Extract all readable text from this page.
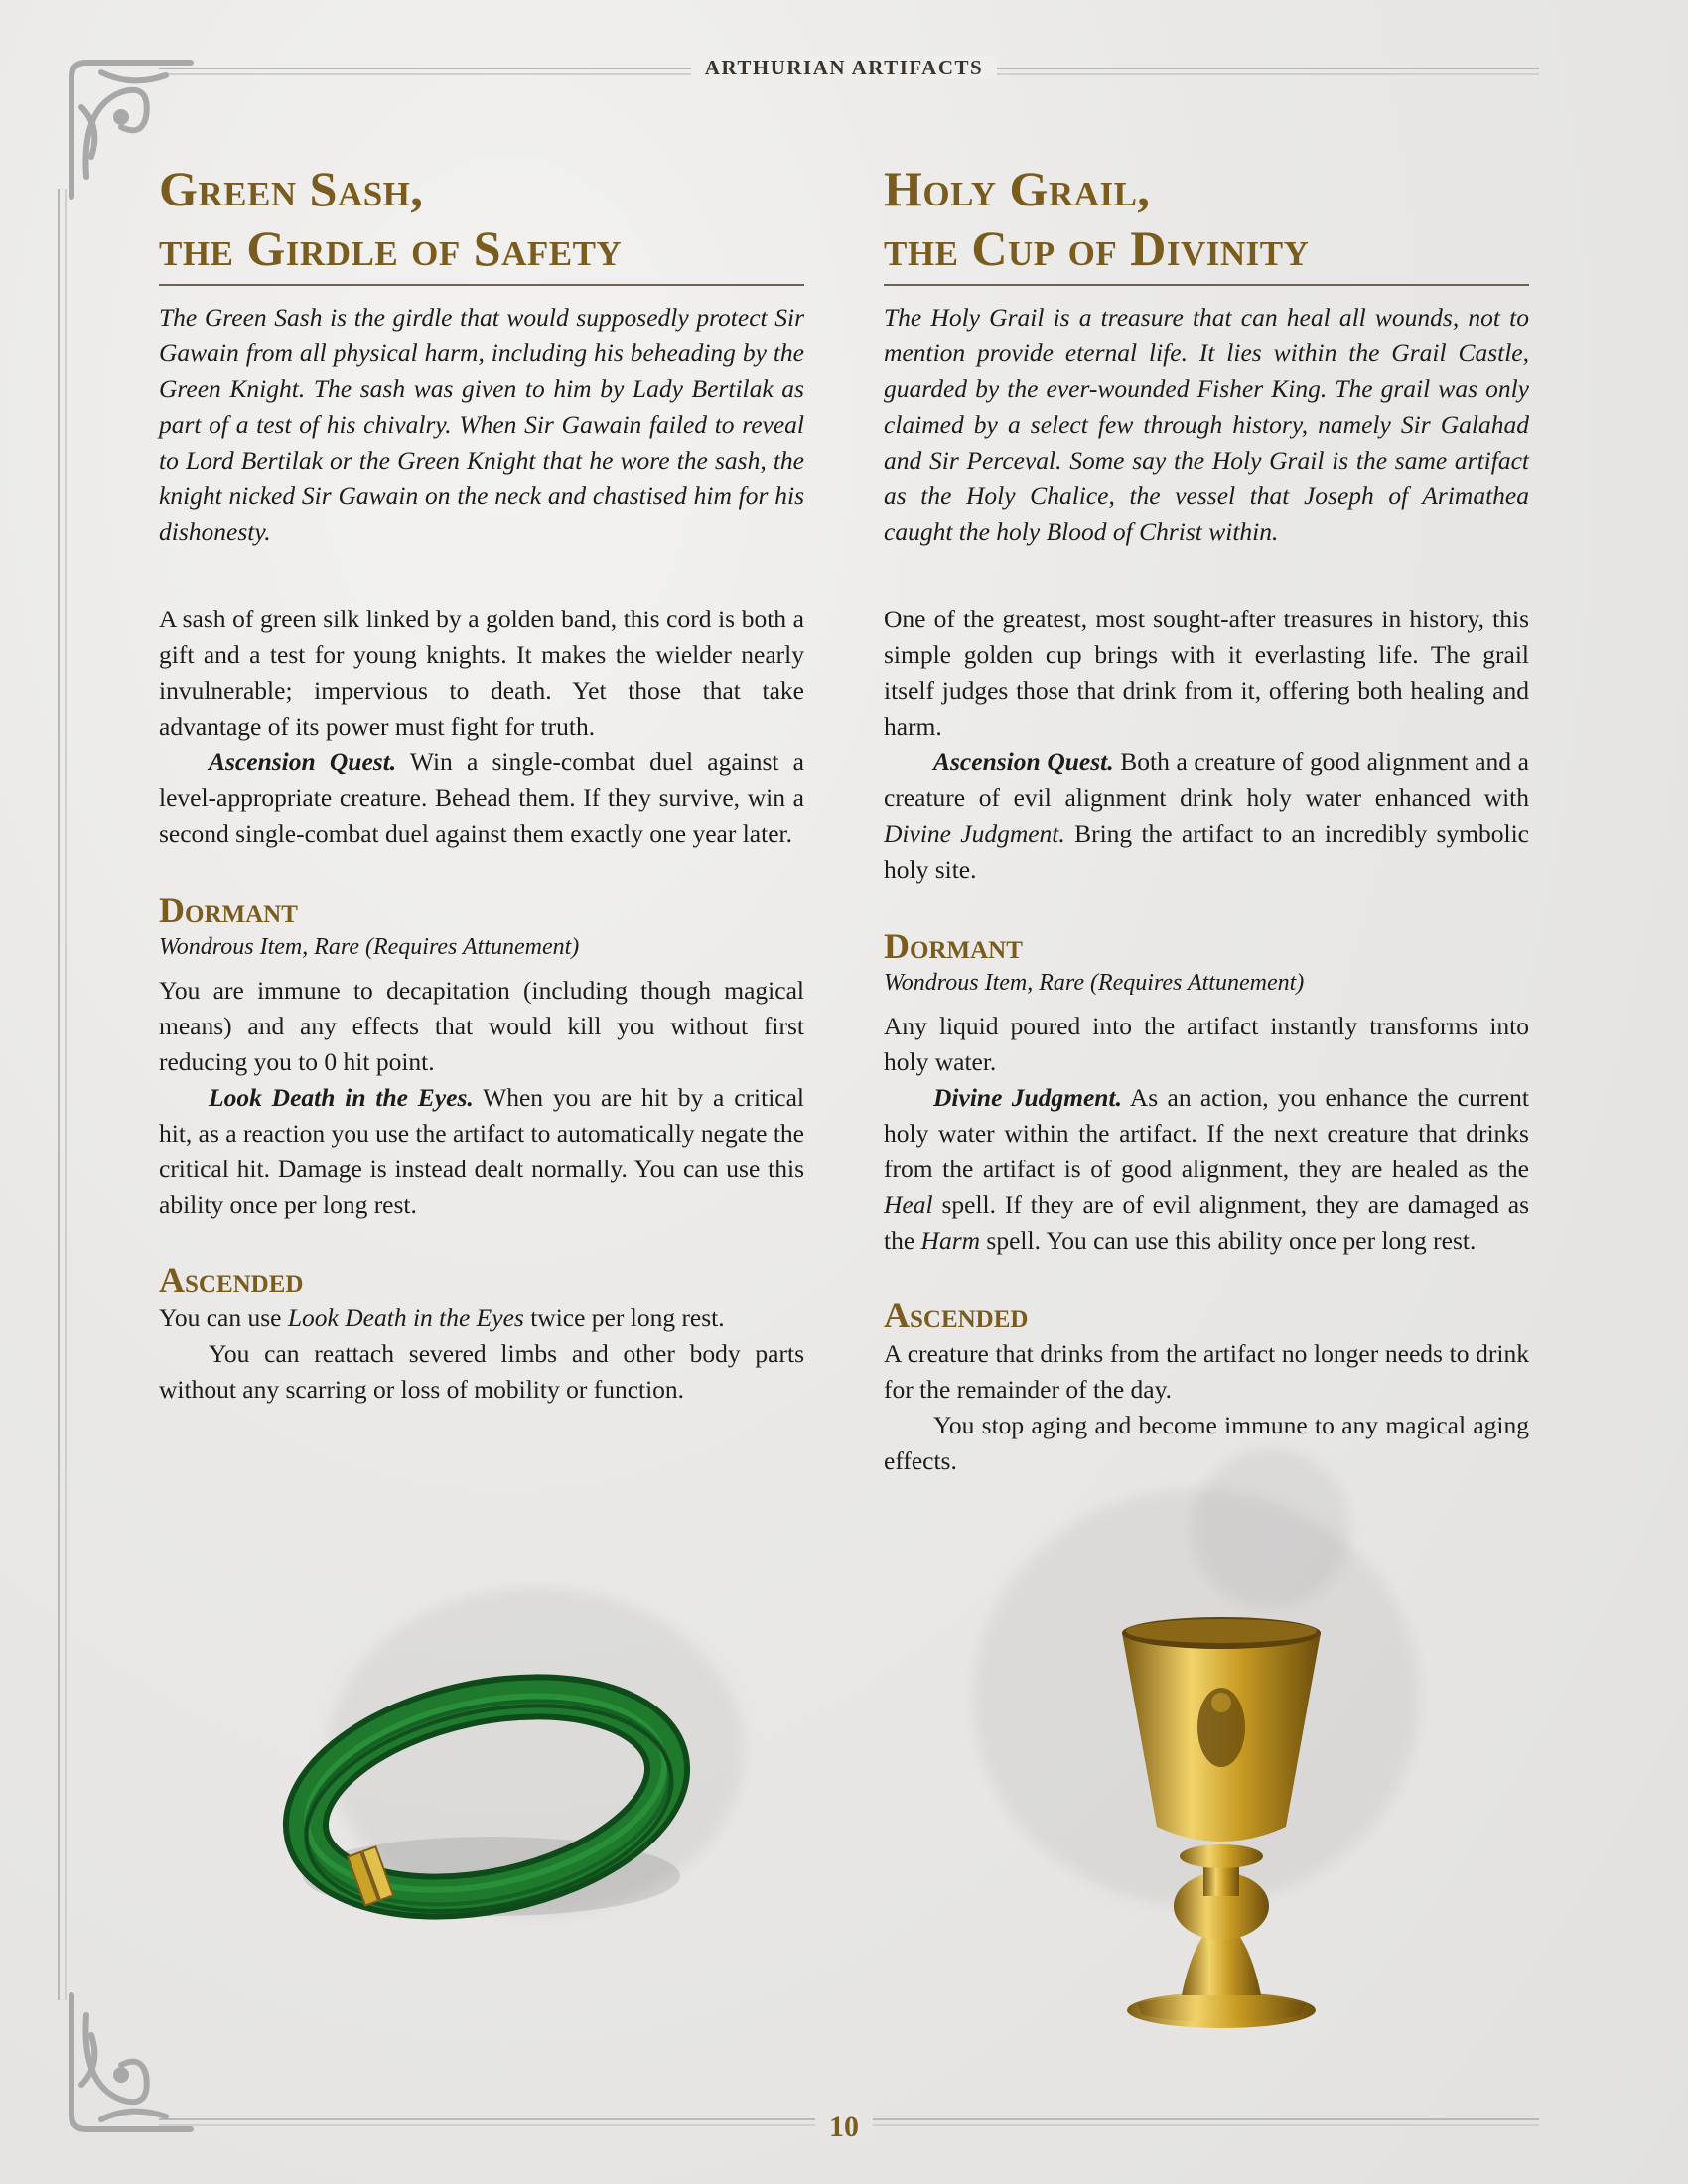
ARTHURIAN ARTIFACTS
10
Green Sash,
the Girdle of Safety

The Green Sash is the girdle that would supposedly protect Sir Gawain from all physical harm, including his beheading by the Green Knight. The sash was given to him by Lady Bertilak as part of a test of his chivalry. When Sir Gawain failed to reveal to Lord Bertilak or the Green Knight that he wore the sash, the knight nicked Sir Gawain on the neck and chastised him for his dishonesty.

A sash of green silk linked by a golden band, this cord is both a gift and a test for young knights. It makes the wielder nearly invulnerable; impervious to death. Yet those that take advantage of its power must fight for truth.

Ascension Quest. Win a single-combat duel against a level-appropriate creature. Behead them. If they survive, win a second single-combat duel against them exactly one year later.

Dormant

Wondrous Item, Rare (Requires Attunement)

You are immune to decapitation (including though magical means) and any effects that would kill you without first reducing you to 0 hit point.

Look Death in the Eyes. When you are hit by a critical hit, as a reaction you use the artifact to automatically negate the critical hit. Damage is instead dealt normally. You can use this ability once per long rest.

Ascended

You can use Look Death in the Eyes twice per long rest.

You can reattach severed limbs and other body parts without any scarring or loss of mobility or function.

Holy Grail,
the Cup of Divinity

The Holy Grail is a treasure that can heal all wounds, not to mention provide eternal life. It lies within the Grail Castle, guarded by the ever-wounded Fisher King. The grail was only claimed by a select few through history, namely Sir Galahad and Sir Perceval. Some say the Holy Grail is the same artifact as the Holy Chalice, the vessel that Joseph of Arimathea caught the holy Blood of Christ within.

One of the greatest, most sought-after treasures in history, this simple golden cup brings with it everlasting life. The grail itself judges those that drink from it, offering both healing and harm.

Ascension Quest. Both a creature of good alignment and a creature of evil alignment drink holy water enhanced with Divine Judgment. Bring the artifact to an incredibly symbolic holy site.

Dormant

Wondrous Item, Rare (Requires Attunement)

Any liquid poured into the artifact instantly transforms into holy water.

Divine Judgment. As an action, you enhance the current holy water within the artifact. If the next creature that drinks from the artifact is of good alignment, they are healed as the Heal spell. If they are of evil alignment, they are damaged as the Harm spell. You can use this ability once per long rest.

Ascended

A creature that drinks from the artifact no longer needs to drink for the remainder of the day.

You stop aging and become immune to any magical aging effects.
